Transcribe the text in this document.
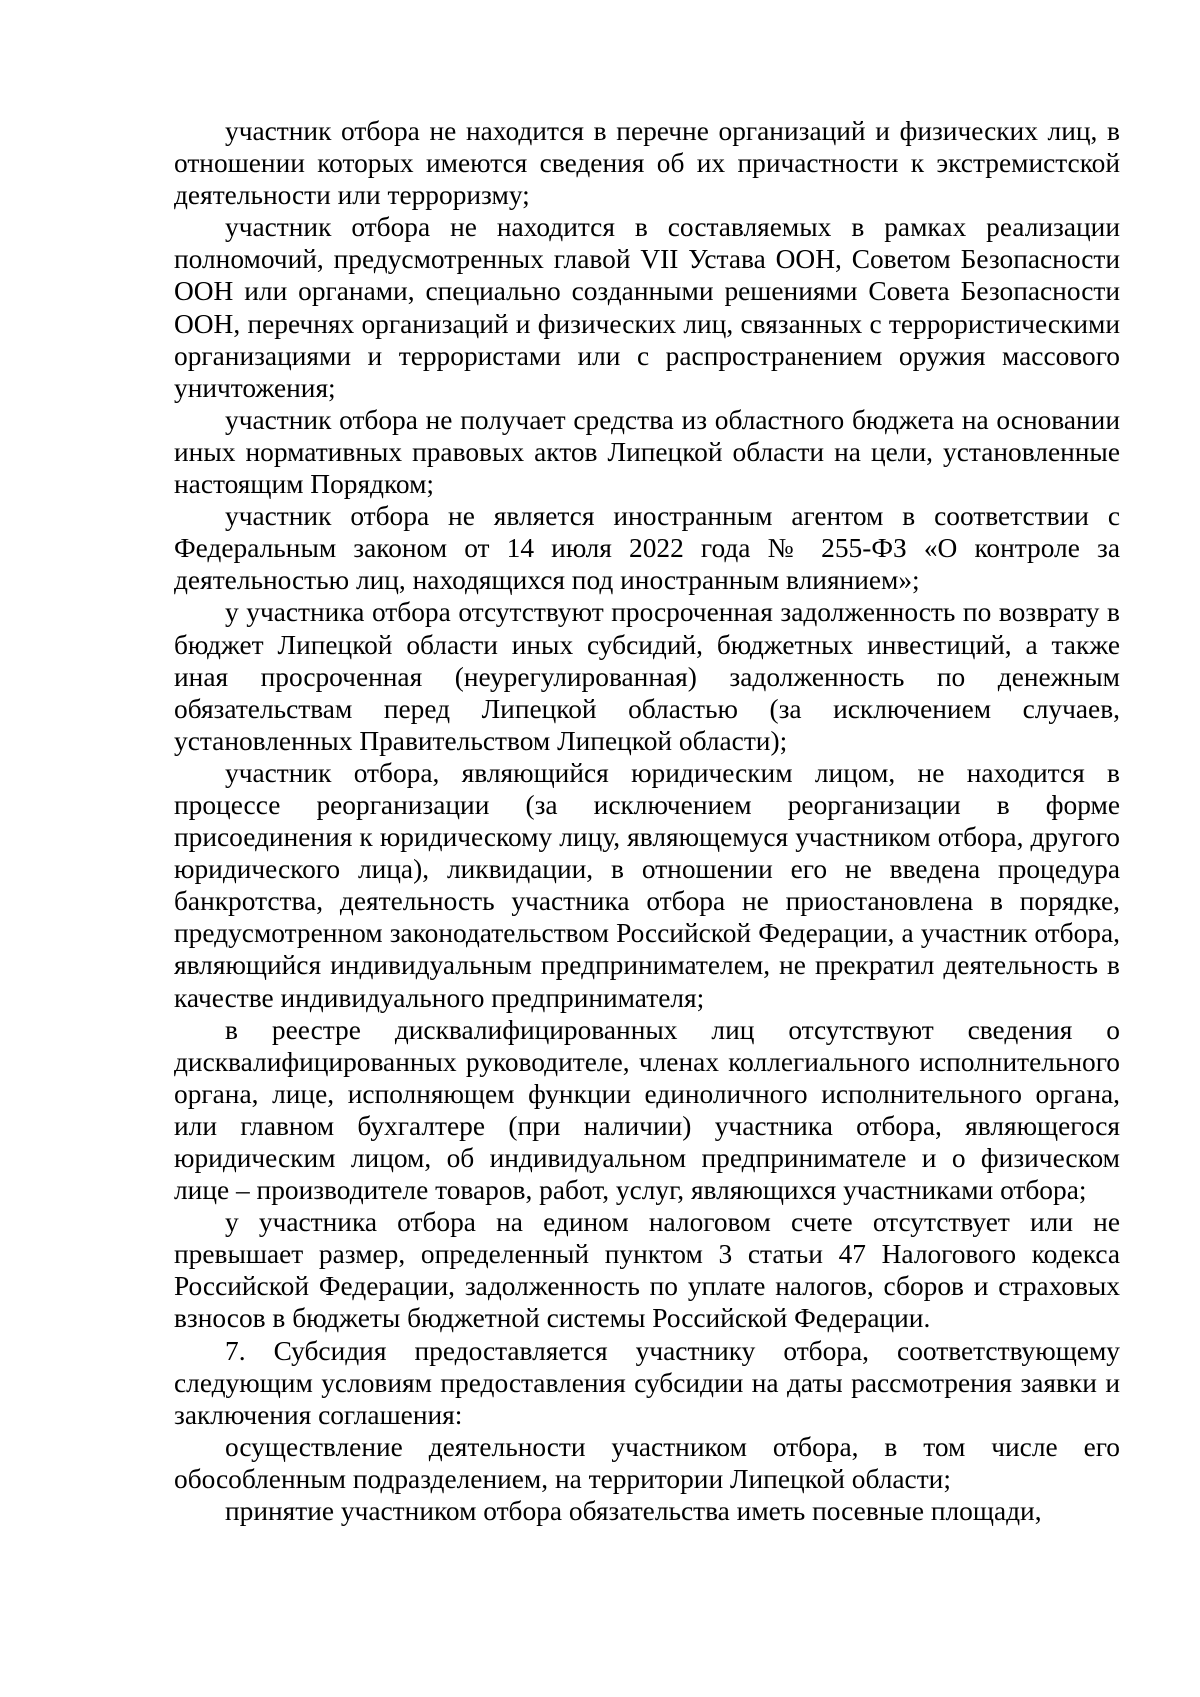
участник отбора не находится в перечне организаций и физических лиц, в отношении которых имеются сведения об их причастности к экстремистской деятельности или терроризму;

участник отбора не находится в составляемых в рамках реализации полномочий, предусмотренных главой VII Устава ООН, Советом Безопасности ООН или органами, специально созданными решениями Совета Безопасности ООН, перечнях организаций и физических лиц, связанных с террористическими организациями и террористами или с распространением оружия массового уничтожения;

участник отбора не получает средства из областного бюджета на основании иных нормативных правовых актов Липецкой области на цели, установленные настоящим Порядком;

участник отбора не является иностранным агентом в соответствии с Федеральным законом от 14 июля 2022 года № 255-ФЗ «О контроле за деятельностью лиц, находящихся под иностранным влиянием»;

у участника отбора отсутствуют просроченная задолженность по возврату в бюджет Липецкой области иных субсидий, бюджетных инвестиций, а также иная просроченная (неурегулированная) задолженность по денежным обязательствам перед Липецкой областью (за исключением случаев, установленных Правительством Липецкой области);

участник отбора, являющийся юридическим лицом, не находится в процессе реорганизации (за исключением реорганизации в форме присоединения к юридическому лицу, являющемуся участником отбора, другого юридического лица), ликвидации, в отношении его не введена процедура банкротства, деятельность участника отбора не приостановлена в порядке, предусмотренном законодательством Российской Федерации, а участник отбора, являющийся индивидуальным предпринимателем, не прекратил деятельность в качестве индивидуального предпринимателя;

в реестре дисквалифицированных лиц отсутствуют сведения о дисквалифицированных руководителе, членах коллегиального исполнительного органа, лице, исполняющем функции единоличного исполнительного органа, или главном бухгалтере (при наличии) участника отбора, являющегося юридическим лицом, об индивидуальном предпринимателе и о физическом лице – производителе товаров, работ, услуг, являющихся участниками отбора;

у участника отбора на едином налоговом счете отсутствует или не превышает размер, определенный пунктом 3 статьи 47 Налогового кодекса Российской Федерации, задолженность по уплате налогов, сборов и страховых взносов в бюджеты бюджетной системы Российской Федерации.

7. Субсидия предоставляется участнику отбора, соответствующему следующим условиям предоставления субсидии на даты рассмотрения заявки и заключения соглашения:

осуществление деятельности участником отбора, в том числе его обособленным подразделением, на территории Липецкой области;

принятие участником отбора обязательства иметь посевные площади,
